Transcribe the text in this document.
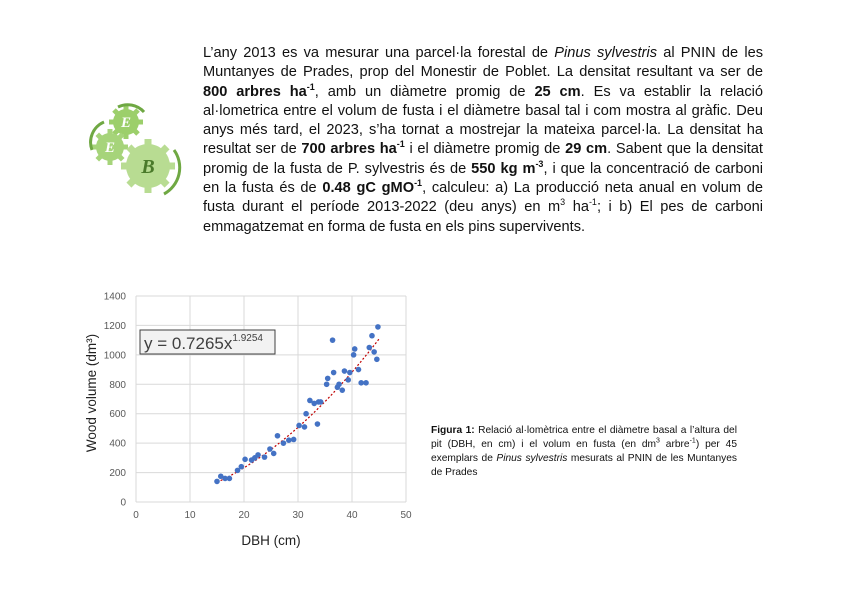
E
E
B

L’any 2013 es va mesurar una parcel·la forestal de Pinus sylvestris al PNIN de les Muntanyes de Prades, prop del Monestir de Poblet. La densitat resultant va ser de 800 arbres $ha^{-1}$, amb un diàmetre promig de 25 cm. Es va establir la relació al·lometrica entre el volum de fusta i el diàmetre basal tal i com mostra al gràfic. Deu anys més tard, el 2023, s’ha tornat a mostrejar la mateixa parcel·la. La densitat ha resultat ser de 700 arbres $ha^{-1}$ i el diàmetre promig de 29 cm. Sabent que la densitat promig de la fusta de P. sylvestris és de 550 kg $m^{-3}$, i que la concentració de carboni en la fusta és de 0.48 gC gMO$^{-1}$, calculeu: a) La producció neta anual en volum de fusta durant el període 2013-2022 (deu anys) en $m^3$ $ha^{-1}$; i b) El pes de carboni emmagatzemat en forma de fusta en els pins supervivents.

0
200
400
600
800
1000
1200
1400
0	10	20	30	40	50
$y = 0.7265x^{1.9254}$
DBH (cm)
Wood volume (dm³)	Figura 1: Relació al·lomètrica entre el diàmetre basal a l’altura del pit (DBH, en cm) i el volum en fusta (en $dm^3$ arbre$^{-1}$) per 45 exemplars de Pinus sylvestris mesurats al PNIN de les Muntanyes de Prades
